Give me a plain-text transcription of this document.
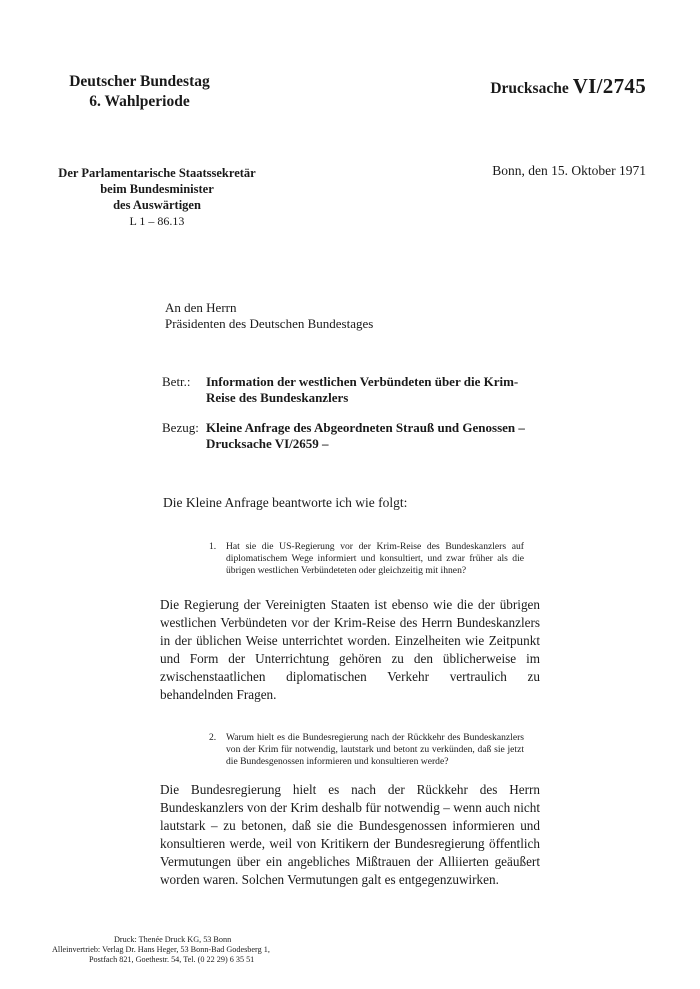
Deutscher Bundestag
6. Wahlperiode
Drucksache VI/2745
Der Parlamentarische Staatssekretär
beim Bundesminister
des Auswärtigen
L 1 – 86.13
Bonn, den 15. Oktober 1971
An den Herrn
Präsidenten des Deutschen Bundestages
Betr.: Information der westlichen Verbündeten über die Krim-Reise des Bundeskanzlers
Bezug: Kleine Anfrage des Abgeordneten Strauß und Genossen – Drucksache VI/2659 –
Die Kleine Anfrage beantworte ich wie folgt:
1.	Hat sie die US-Regierung vor der Krim-Reise des Bundeskanzlers auf diplomatischem Wege informiert und konsultiert, und zwar früher als die übrigen westlichen Verbündeteten oder gleichzeitig mit ihnen?
Die Regierung der Vereinigten Staaten ist ebenso wie die der übrigen westlichen Verbündeten vor der Krim-Reise des Herrn Bundeskanzlers in der üblichen Weise unterrichtet worden. Einzelheiten wie Zeitpunkt und Form der Unterrichtung gehören zu den üblicherweise im zwischenstaatlichen diplomatischen Verkehr vertraulich zu behandelnden Fragen.
2.	Warum hielt es die Bundesregierung nach der Rückkehr des Bundeskanzlers von der Krim für notwendig, lautstark und betont zu verkünden, daß sie jetzt die Bundesgenossen informieren und konsultieren werde?
Die Bundesregierung hielt es nach der Rückkehr des Herrn Bundeskanzlers von der Krim deshalb für notwendig – wenn auch nicht lautstark – zu betonen, daß sie die Bundesgenossen informieren und konsultieren werde, weil von Kritikern der Bundesregierung öffentlich Vermutungen über ein angebliches Mißtrauen der Alliierten geäußert worden waren. Solchen Vermutungen galt es entgegenzuwirken.
Druck: Thenée Druck KG, 53 Bonn
Alleinvertrieb: Verlag Dr. Hans Heger, 53 Bonn-Bad Godesberg 1,
Postfach 821, Goethestr. 54, Tel. (0 22 29) 6 35 51
